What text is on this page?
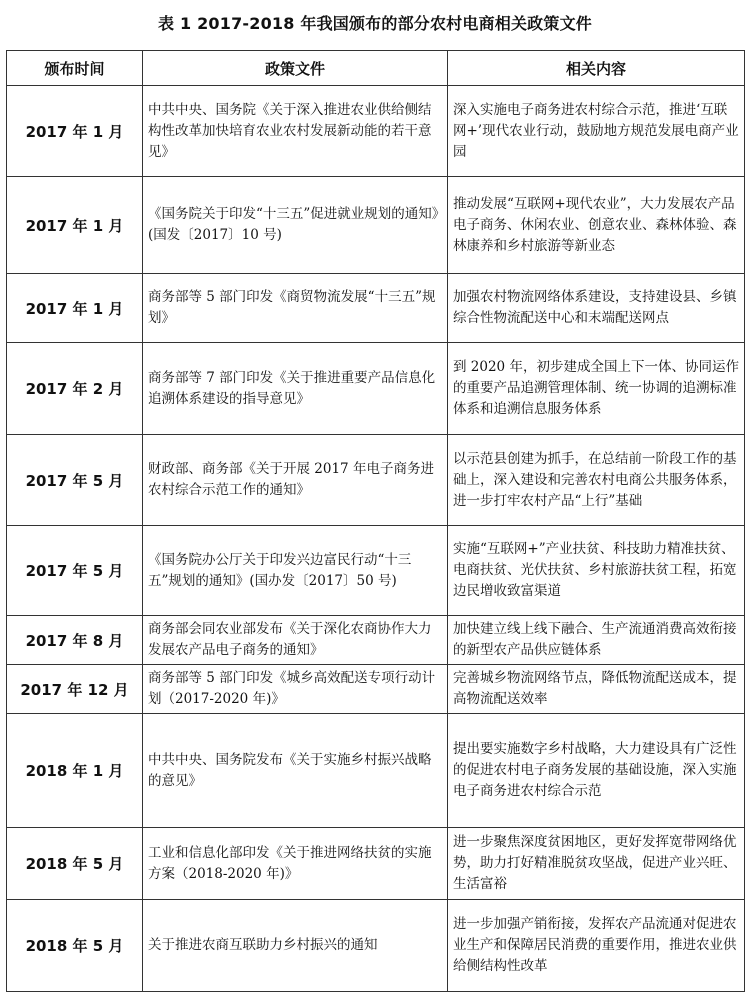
表 1 2017-2018 年我国颁布的部分农村电商相关政策文件
颁布时间	政策文件	相关内容
2017 年 1 月	中共中央、国务院《关于深入推进农业供给侧结构性改革加快培育农业农村发展新动能的若干意见》	深入实施电子商务进农村综合示范，推进‘互联网+’现代农业行动，鼓励地方规范发展电商产业园
2017 年 1 月	《国务院关于印发“十三五”促进就业规划的通知》(国发〔2017〕10 号)	推动发展“互联网+现代农业”，大力发展农产品电子商务、休闲农业、创意农业、森林体验、森林康养和乡村旅游等新业态
2017 年 1 月	商务部等 5 部门印发《商贸物流发展“十三五”规划》	加强农村物流网络体系建设，支持建设县、乡镇综合性物流配送中心和末端配送网点
2017 年 2 月	商务部等 7 部门印发《关于推进重要产品信息化追溯体系建设的指导意见》	到 2020 年，初步建成全国上下一体、协同运作的重要产品追溯管理体制、统一协调的追溯标准体系和追溯信息服务体系
2017 年 5 月	财政部、商务部《关于开展 2017 年电子商务进农村综合示范工作的通知》	以示范县创建为抓手，在总结前一阶段工作的基础上，深入建设和完善农村电商公共服务体系，进一步打牢农村产品“上行”基础
2017 年 5 月	《国务院办公厅关于印发兴边富民行动“十三五”规划的通知》(国办发〔2017〕50 号)	实施“互联网+”产业扶贫、科技助力精准扶贫、电商扶贫、光伏扶贫、乡村旅游扶贫工程，拓宽边民增收致富渠道
2017 年 8 月	商务部会同农业部发布《关于深化农商协作大力发展农产品电子商务的通知》	加快建立线上线下融合、生产流通消费高效衔接的新型农产品供应链体系
2017 年 12 月	商务部等 5 部门印发《城乡高效配送专项行动计划（2017-2020 年)》	完善城乡物流网络节点，降低物流配送成本，提高物流配送效率
2018 年 1 月	中共中央、国务院发布《关于实施乡村振兴战略的意见》	提出要实施数字乡村战略，大力建设具有广泛性的促进农村电子商务发展的基础设施，深入实施电子商务进农村综合示范
2018 年 5 月	工业和信息化部印发《关于推进网络扶贫的实施方案（2018-2020 年)》	进一步聚焦深度贫困地区，更好发挥宽带网络优势，助力打好精准脱贫攻坚战，促进产业兴旺、生活富裕
2018 年 5 月	关于推进农商互联助力乡村振兴的通知	进一步加强产销衔接，发挥农产品流通对促进农业生产和保障居民消费的重要作用，推进农业供给侧结构性改革
